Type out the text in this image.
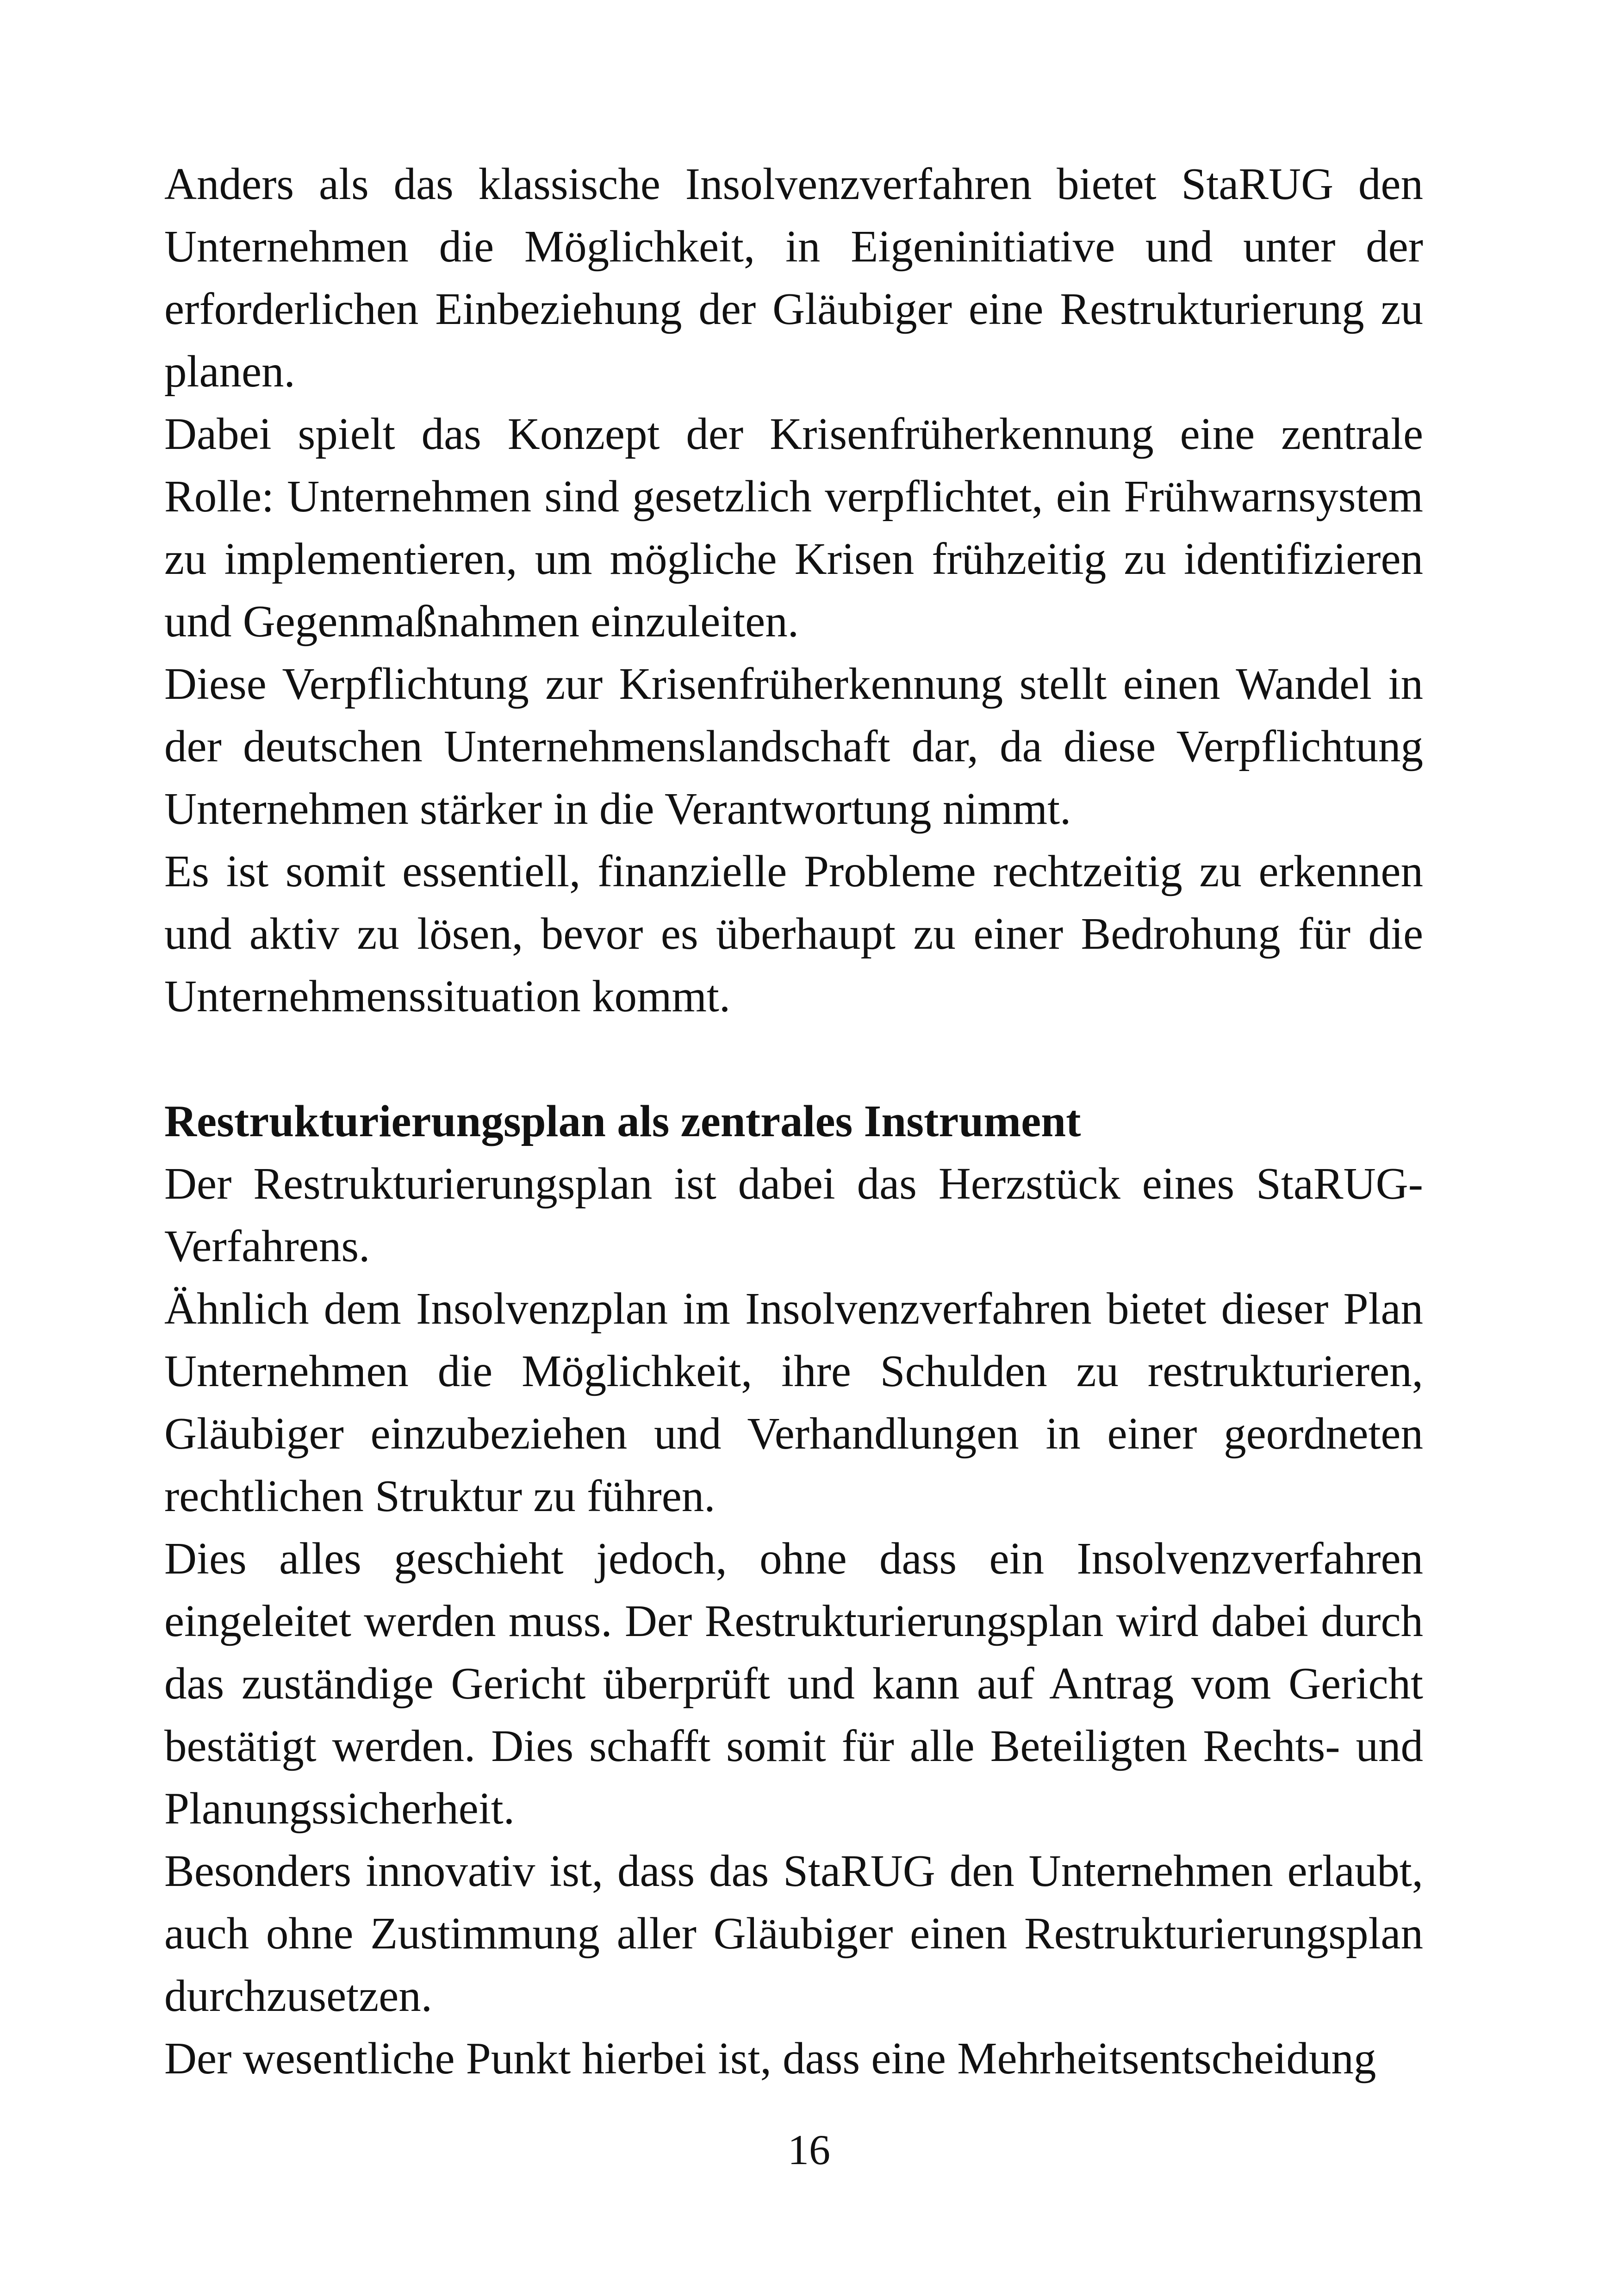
Anders als das klassische Insolvenzverfahren bietet StaRUG den Unternehmen die Möglichkeit, in Eigeninitiative und unter der erforderlichen Einbeziehung der Gläubiger eine Restrukturierung zu planen.

Dabei spielt das Konzept der Krisenfrüherkennung eine zentrale Rolle: Unternehmen sind gesetzlich verpflichtet, ein Frühwarnsystem zu implementieren, um mögliche Krisen frühzeitig zu identifizieren und Gegenmaßnahmen einzuleiten.

Diese Verpflichtung zur Krisenfrüherkennung stellt einen Wandel in der deutschen Unternehmenslandschaft dar, da diese Verpflichtung Unternehmen stärker in die Verantwortung nimmt.

Es ist somit essentiell, finanzielle Probleme rechtzeitig zu erkennen und aktiv zu lösen, bevor es überhaupt zu einer Bedrohung für die Unternehmenssituation kommt.

Restrukturierungsplan als zentrales Instrument

Der Restrukturierungsplan ist dabei das Herzstück eines StaRUG-Verfahrens.

Ähnlich dem Insolvenzplan im Insolvenzverfahren bietet dieser Plan Unternehmen die Möglichkeit, ihre Schulden zu restrukturieren, Gläubiger einzubeziehen und Verhandlungen in einer geordneten rechtlichen Struktur zu führen.

Dies alles geschieht jedoch, ohne dass ein Insolvenzverfahren eingeleitet werden muss. Der Restrukturierungsplan wird dabei durch das zuständige Gericht überprüft und kann auf Antrag vom Gericht bestätigt werden. Dies schafft somit für alle Beteiligten Rechts- und Planungssicherheit.

Besonders innovativ ist, dass das StaRUG den Unternehmen erlaubt, auch ohne Zustimmung aller Gläubiger einen Restrukturierungsplan durchzusetzen.

Der wesentliche Punkt hierbei ist, dass eine Mehrheitsentscheidung

16
